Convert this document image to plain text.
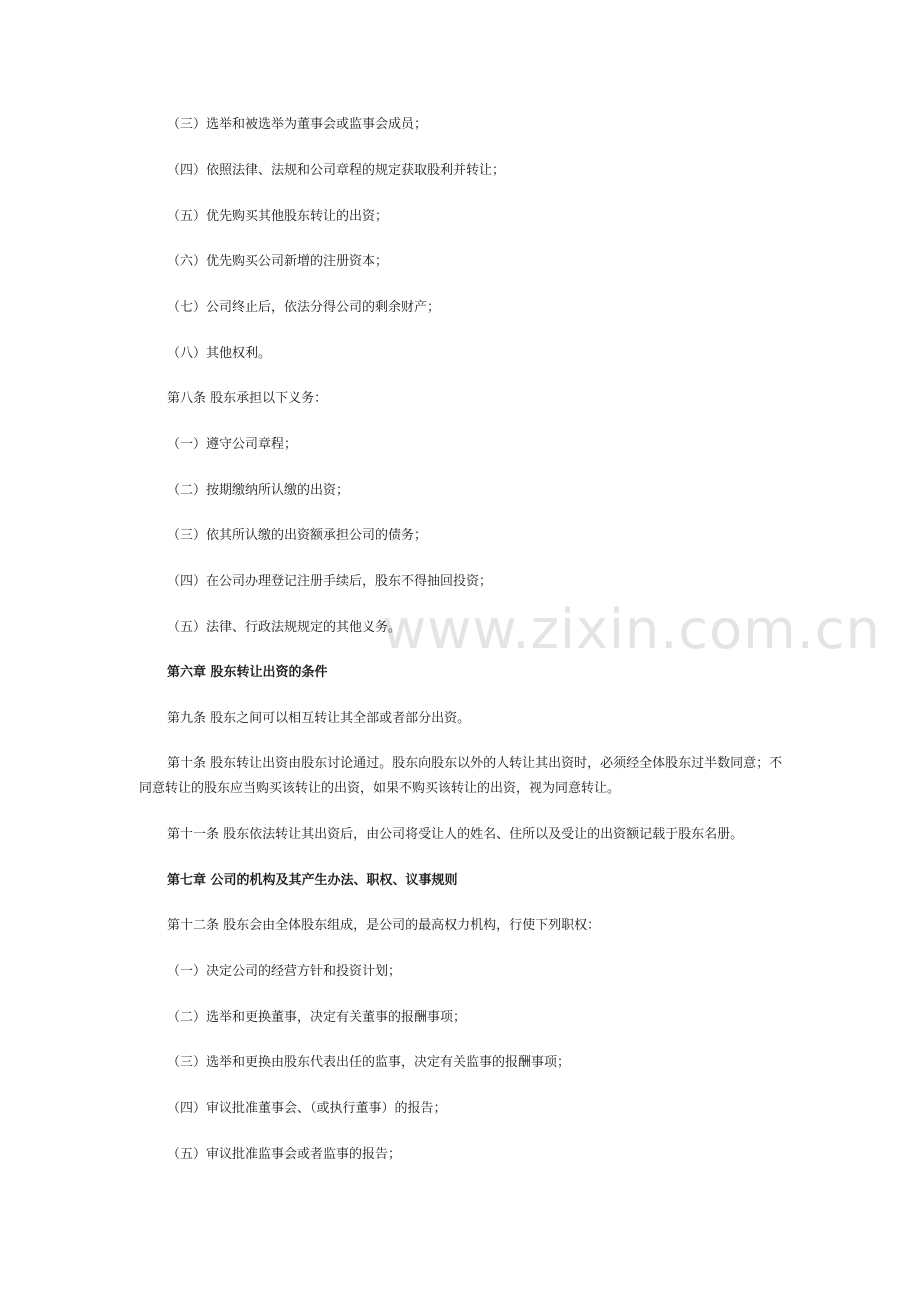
www.zixin.com.cn
（三）选举和被选举为董事会或监事会成员；
（四）依照法律、法规和公司章程的规定获取股利并转让；
（五）优先购买其他股东转让的出资；
（六）优先购买公司新增的注册资本；
（七）公司终止后，依法分得公司的剩余财产；
（八）其他权利。
第八条 股东承担以下义务：
（一）遵守公司章程；
（二）按期缴纳所认缴的出资；
（三）依其所认缴的出资额承担公司的债务；
（四）在公司办理登记注册手续后，股东不得抽回投资；
（五）法律、行政法规规定的其他义务。
第六章 股东转让出资的条件
第九条 股东之间可以相互转让其全部或者部分出资。
第十条 股东转让出资由股东讨论通过。股东向股东以外的人转让其出资时，必须经全体股东过半数同意；不同意转让的股东应当购买该转让的出资，如果不购买该转让的出资，视为同意转让。
第十一条 股东依法转让其出资后，由公司将受让人的姓名、住所以及受让的出资额记载于股东名册。
第七章 公司的机构及其产生办法、职权、议事规则
第十二条 股东会由全体股东组成，是公司的最高权力机构，行使下列职权：
（一）决定公司的经营方针和投资计划；
（二）选举和更换董事，决定有关董事的报酬事项；
（三）选举和更换由股东代表出任的监事，决定有关监事的报酬事项；
（四）审议批准董事会、（或执行董事）的报告；
（五）审议批准监事会或者监事的报告；
